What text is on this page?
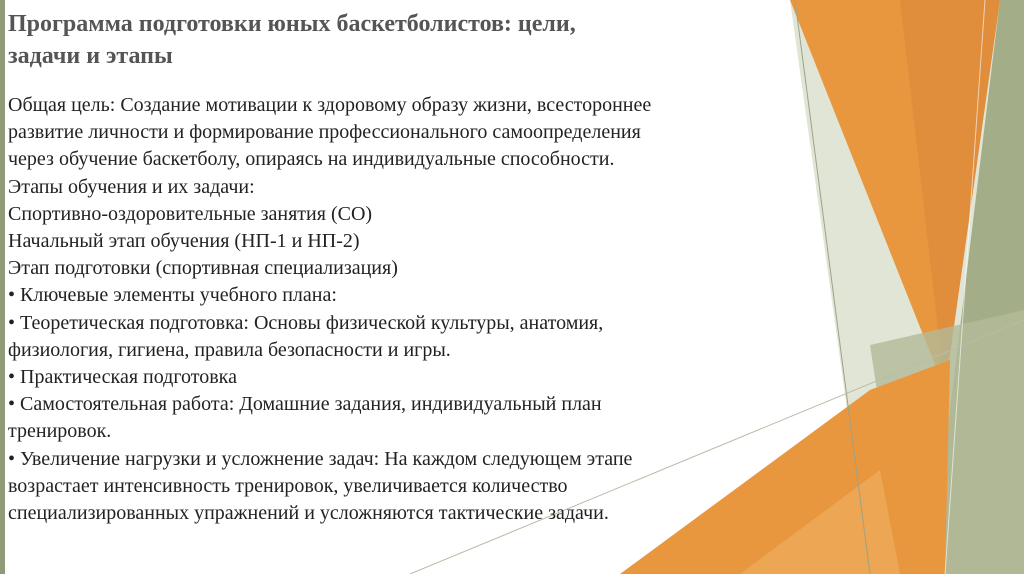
Программа подготовки юных баскетболистов: цели,
задачи и этапы
Общая цель: Создание мотивации к здоровому образу жизни, всестороннее
развитие личности и формирование профессионального самоопределения
через обучение баскетболу, опираясь на индивидуальные способности.
Этапы обучения и их задачи:
Спортивно-оздоровительные занятия (СО)
Начальный этап обучения (НП-1 и НП-2)
Этап подготовки (спортивная специализация)
• Ключевые элементы учебного плана:
• Теоретическая подготовка: Основы физической культуры, анатомия,
физиология, гигиена, правила безопасности и игры.
• Практическая подготовка
• Самостоятельная работа: Домашние задания, индивидуальный план
тренировок.
• Увеличение нагрузки и усложнение задач: На каждом следующем этапе
возрастает интенсивность тренировок, увеличивается количество
специализированных упражнений и усложняются тактические задачи.
